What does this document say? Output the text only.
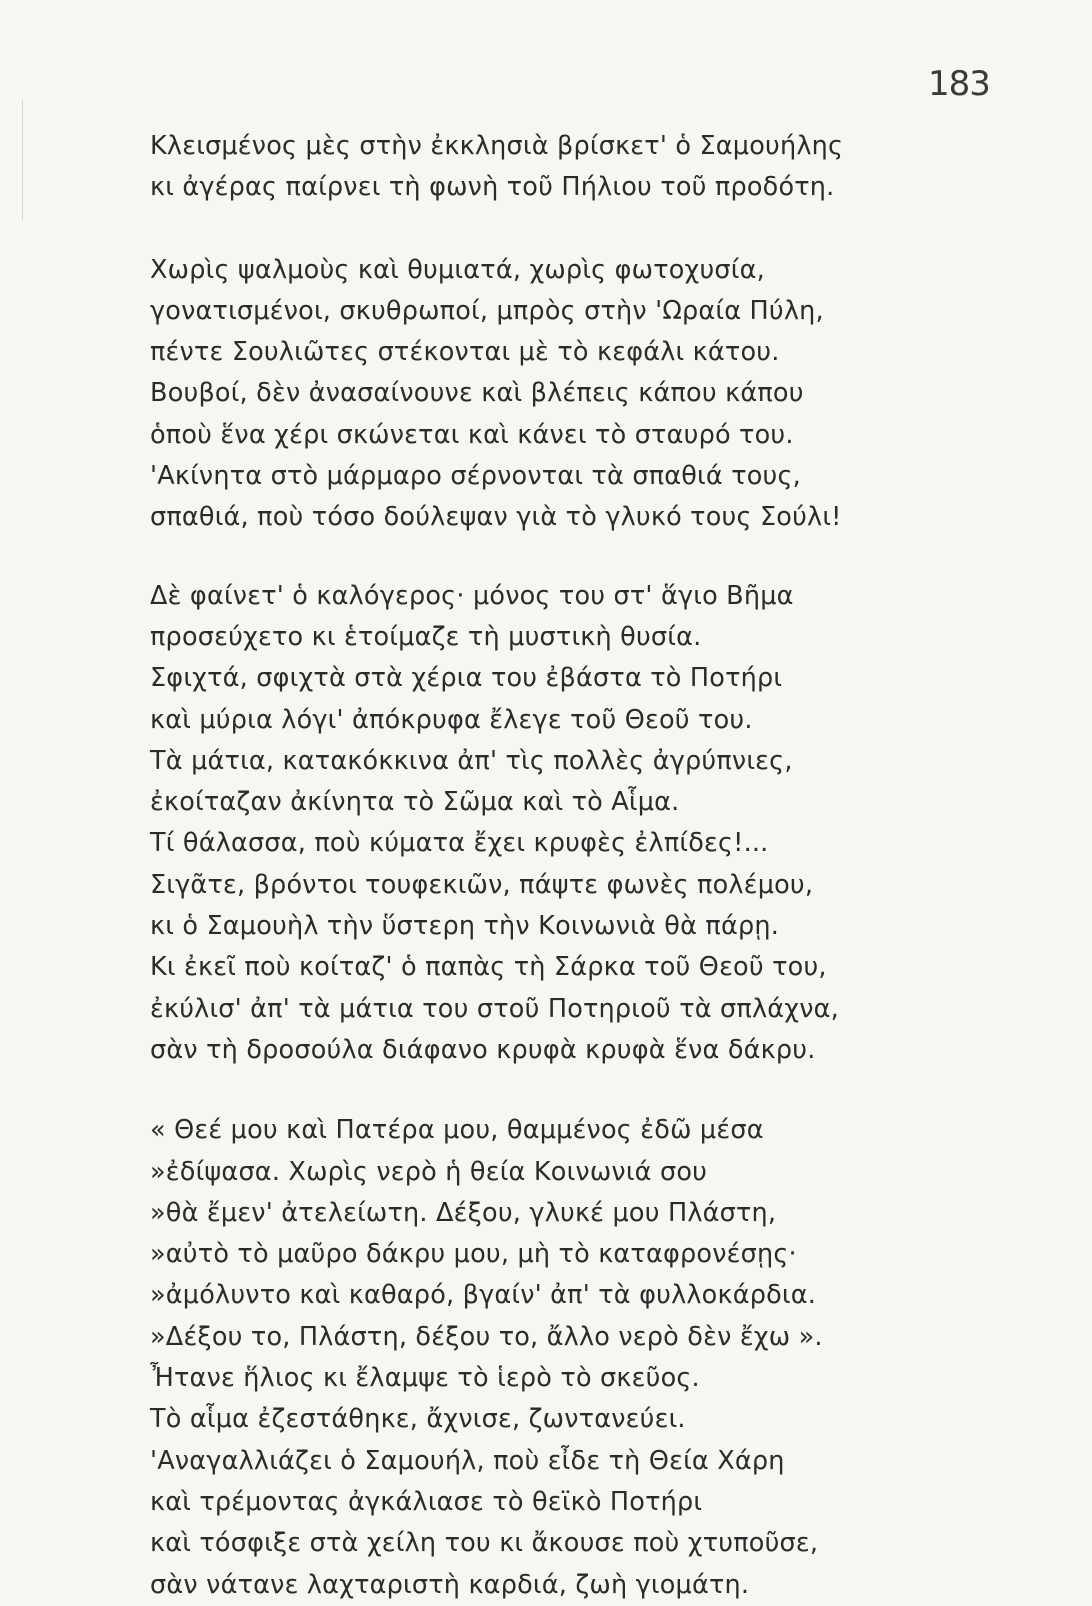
183
Κλεισμένος μὲς στὴν ἐκκλησιὰ βρίσκετ' ὁ Σαμουήλης
κι ἀγέρας παίρνει τὴ φωνὴ τοῦ Πήλιου τοῦ προδότη.
Χωρὶς ψαλμοὺς καὶ θυμιατά, χωρὶς φωτοχυσία,
γονατισμένοι, σκυθρωποί, μπρὸς στὴν 'Ωραία Πύλη,
πέντε Σουλιῶτες στέκονται μὲ τὸ κεφάλι κάτου.
Βουβοί, δὲν ἀνασαίνουνε καὶ βλέπεις κάπου κάπου
ὁποὺ ἕνα χέρι σκώνεται καὶ κάνει τὸ σταυρό του.
'Ακίνητα στὸ μάρμαρο σέρνονται τὰ σπαθιά τους,
σπαθιά, ποὺ τόσο δούλεψαν γιὰ τὸ γλυκό τους Σούλι!
Δὲ φαίνετ' ὁ καλόγερος· μόνος του στ' ἅγιο Βῆμα
προσεύχετο κι ἑτοίμαζε τὴ μυστικὴ θυσία.
Σφιχτά, σφιχτὰ στὰ χέρια του ἐβάστα τὸ Ποτήρι
καὶ μύρια λόγι' ἀπόκρυφα ἔλεγε τοῦ Θεοῦ του.
Τὰ μάτια, κατακόκκινα ἀπ' τὶς πολλὲς ἀγρύπνιες,
ἐκοίταζαν ἀκίνητα τὸ Σῶμα καὶ τὸ Αἷμα.
Τί θάλασσα, ποὺ κύματα ἔχει κρυφὲς ἐλπίδες!...
Σιγᾶτε, βρόντοι τουφεκιῶν, πάψτε φωνὲς πολέμου,
κι ὁ Σαμουὴλ τὴν ὕστερη τὴν Κοινωνιὰ θὰ πάρῃ.
Κι ἐκεῖ ποὺ κοίταζ' ὁ παπὰς τὴ Σάρκα τοῦ Θεοῦ του,
ἐκύλισ' ἀπ' τὰ μάτια του στοῦ Ποτηριοῦ τὰ σπλάχνα,
σὰν τὴ δροσούλα διάφανο κρυφὰ κρυφὰ ἕνα δάκρυ.
« Θεέ μου καὶ Πατέρα μου, θαμμένος ἐδῶ μέσα
»ἐδίψασα. Χωρὶς νερὸ ἡ θεία Κοινωνιά σου
»θὰ ἔμεν' ἀτελείωτη. Δέξου, γλυκέ μου Πλάστη,
»αὐτὸ τὸ μαῦρο δάκρυ μου, μὴ τὸ καταφρονέσῃς·
»ἀμόλυντο καὶ καθαρό, βγαίν' ἀπ' τὰ φυλλοκάρδια.
»Δέξου το, Πλάστη, δέξου το, ἄλλο νερὸ δὲν ἔχω ».
Ἦτανε ἥλιος κι ἔλαμψε τὸ ἱερὸ τὸ σκεῦος.
Τὸ αἷμα ἐζεστάθηκε, ἄχνισε, ζωντανεύει.
'Αναγαλλιάζει ὁ Σαμουήλ, ποὺ εἶδε τὴ Θεία Χάρη
καὶ τρέμοντας ἀγκάλιασε τὸ θεϊκὸ Ποτήρι
καὶ τόσφιξε στὰ χείλη του κι ἄκουσε ποὺ χτυποῦσε,
σὰν νάτανε λαχταριστὴ καρδιά, ζωὴ γιομάτη.
